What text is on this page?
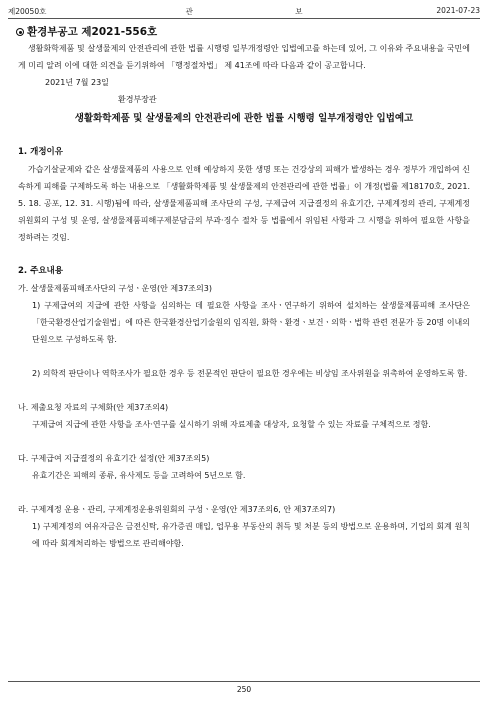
제20050호	관 보	2021-07-23
환경부공고 제2021-556호
생활화학제품 및 살생물제의 안전관리에 관한 법률 시행령 일부개정령안 입법예고를 하는데 있어, 그 이유와 주요내용을 국민에게 미리 알려 이에 대한 의견을 듣기위하여 「행정절차법」 제 41조에 따라 다음과 같이 공고합니다.
2021년 7월 23일
환경부장관
생활화학제품 및 살생물제의 안전관리에 관한 법률 시행령 일부개정령안 입법예고
1. 개정이유
가습기살균제와 같은 살생물제품의 사용으로 인해 예상하지 못한 생명 또는 건강상의 피해가 발생하는 경우 정부가 개입하여 신속하게 피해를 구제하도록 하는 내용으로 「생활화학제품 및 살생물제의 안전관리에 관한 법률」이 개정(법률 제18170호, 2021. 5. 18. 공포, 12. 31. 시행)됨에 따라, 살생물제품피해 조사단의 구성, 구제급여 지급결정의 유효기간, 구제계정의 관리, 구제계정위원회의 구성 및 운영, 살생물제품피해구제분담금의 부과·징수 절차 등 법률에서 위임된 사항과 그 시행을 위하여 필요한 사항을 정하려는 것임.
2. 주요내용
가. 살생물제품피해조사단의 구성ㆍ운영(안 제37조의3)
1) 구제급여의 지급에 관한 사항을 심의하는 데 필요한 사항을 조사ㆍ연구하기 위하여 설치하는 살생물제품피해 조사단은 「한국환경산업기술원법」에 따른 한국환경산업기술원의 임직원, 화학ㆍ환경ㆍ보건ㆍ의학ㆍ법학 관련 전문가 등 20명 이내의 단원으로 구성하도록 함.
2) 의학적 판단이나 역학조사가 필요한 경우 등 전문적인 판단이 필요한 경우에는 비상임 조사위원을 위촉하여 운영하도록 함.
나. 제출요청 자료의 구체화(안 제37조의4)
구제급여 지급에 관한 사항을 조사·연구를 실시하기 위해 자료제출 대상자, 요청할 수 있는 자료를 구체적으로 정함.
다. 구제급여 지급결정의 유효기간 설정(안 제37조의5)
유효기간은 피해의 종류, 유사제도 등을 고려하여 5년으로 함.
라. 구제계정 운용ㆍ관리, 구제계정운용위원회의 구성ㆍ운영(안 제37조의6, 안 제37조의7)
1) 구제계정의 여유자금은 금전신탁, 유가증권 매입, 업무용 부동산의 취득 및 처분 등의 방법으로 운용하며, 기업의 회계 원칙에 따라 회계처리하는 방법으로 관리해야함.
250
